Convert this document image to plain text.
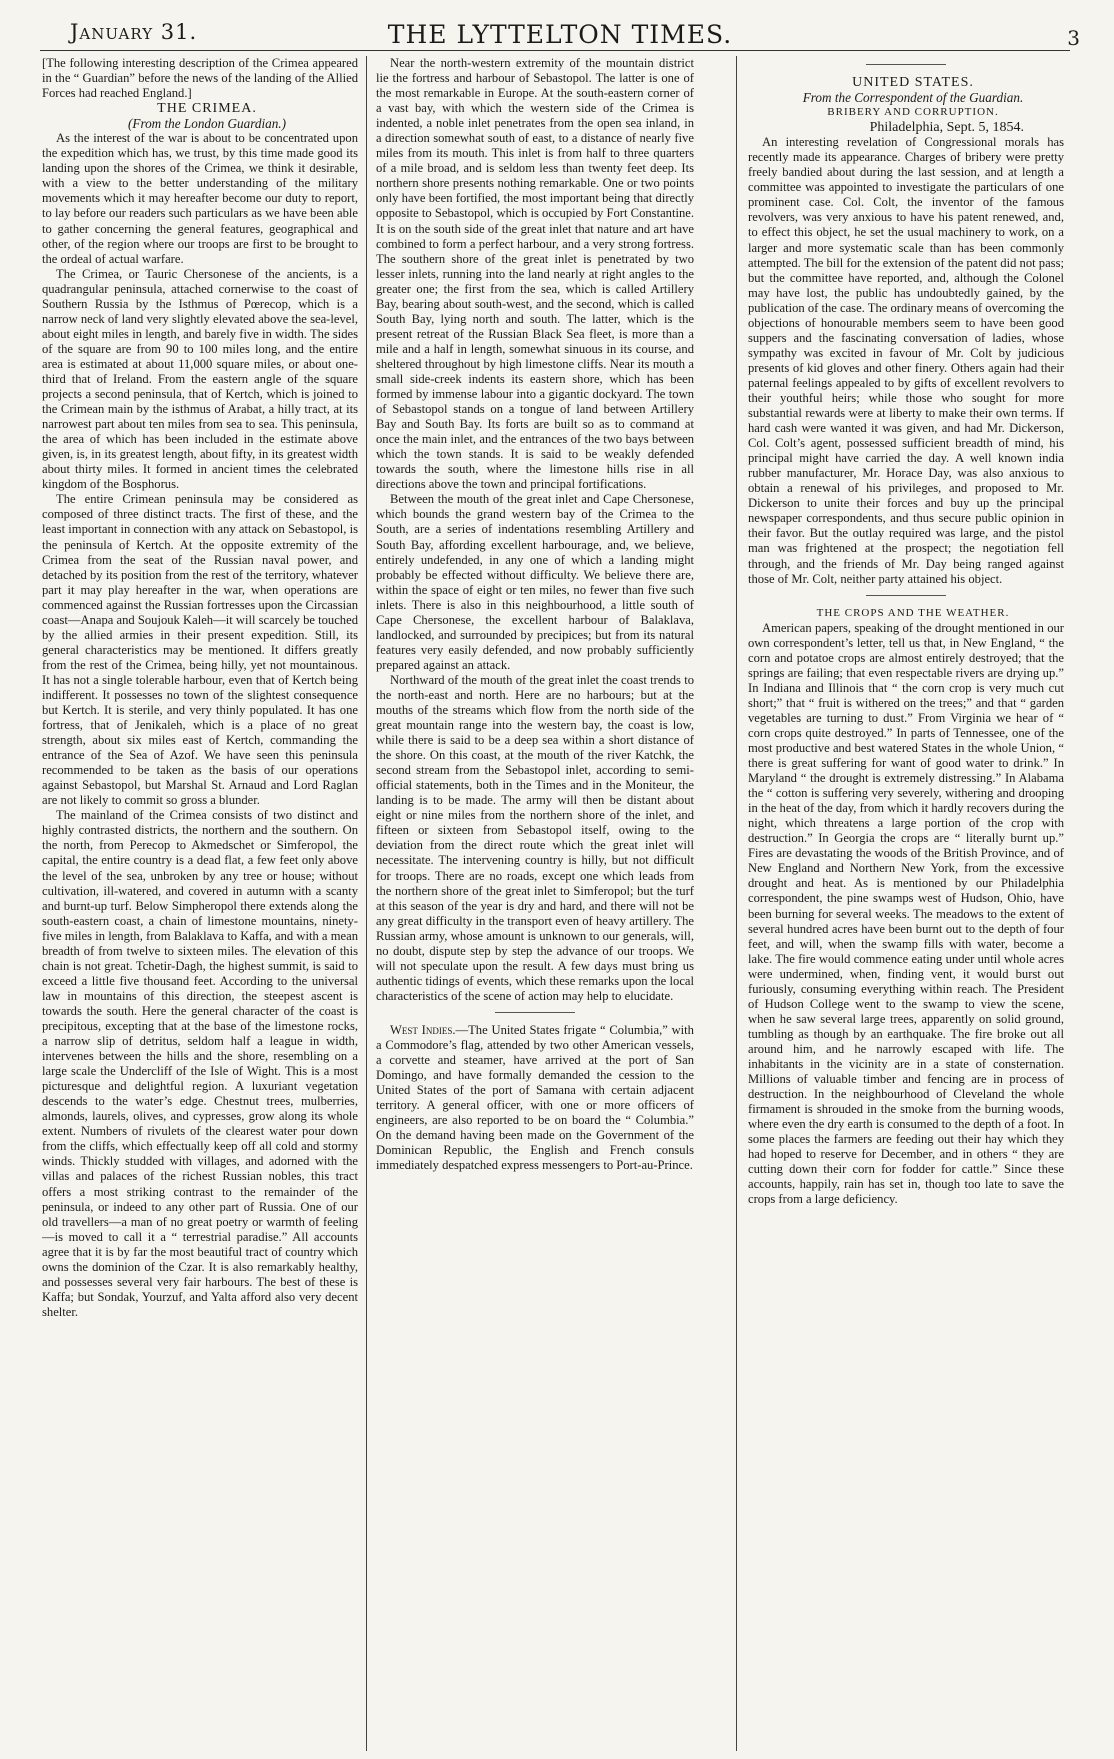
January 31.	THE LYTTELTON TIMES.	3

[The following interesting description of the Crimea appeared in the “ Guardian” before the news of the landing of the Allied Forces had reached England.]

THE CRIMEA.

(From the London Guardian.)

As the interest of the war is about to be concentrated upon the expedition which has, we trust, by this time made good its landing upon the shores of the Crimea, we think it desirable, with a view to the better understanding of the military movements which it may hereafter become our duty to report, to lay before our readers such particulars as we have been able to gather concerning the general features, geographical and other, of the region where our troops are first to be brought to the ordeal of actual warfare.

The Crimea, or Tauric Chersonese of the ancients, is a quadrangular peninsula, attached cornerwise to the coast of Southern Russia by the Isthmus of Pœrecop, which is a narrow neck of land very slightly elevated above the sea-level, about eight miles in length, and barely five in width. The sides of the square are from 90 to 100 miles long, and the entire area is estimated at about 11,000 square miles, or about one-third that of Ireland. From the eastern angle of the square projects a second peninsula, that of Kertch, which is joined to the Crimean main by the isthmus of Arabat, a hilly tract, at its narrowest part about ten miles from sea to sea. This peninsula, the area of which has been included in the estimate above given, is, in its greatest length, about fifty, in its greatest width about thirty miles. It formed in ancient times the celebrated kingdom of the Bosphorus.

The entire Crimean peninsula may be considered as composed of three distinct tracts. The first of these, and the least important in connection with any attack on Sebastopol, is the peninsula of Kertch. At the opposite extremity of the Crimea from the seat of the Russian naval power, and detached by its position from the rest of the territory, whatever part it may play hereafter in the war, when operations are commenced against the Russian fortresses upon the Circassian coast—Anapa and Soujouk Kaleh—it will scarcely be touched by the allied armies in their present expedition. Still, its general characteristics may be mentioned. It differs greatly from the rest of the Crimea, being hilly, yet not mountainous. It has not a single tolerable harbour, even that of Kertch being indifferent. It possesses no town of the slightest consequence but Kertch. It is sterile, and very thinly populated. It has one fortress, that of Jenikaleh, which is a place of no great strength, about six miles east of Kertch, commanding the entrance of the Sea of Azof. We have seen this peninsula recommended to be taken as the basis of our operations against Sebastopol, but Marshal St. Arnaud and Lord Raglan are not likely to commit so gross a blunder.

The mainland of the Crimea consists of two distinct and highly contrasted districts, the northern and the southern. On the north, from Perecop to Akmedschet or Simferopol, the capital, the entire country is a dead flat, a few feet only above the level of the sea, unbroken by any tree or house; without cultivation, ill-watered, and covered in autumn with a scanty and burnt-up turf. Below Simpheropol there extends along the south-eastern coast, a chain of limestone mountains, ninety-five miles in length, from Balaklava to Kaffa, and with a mean breadth of from twelve to sixteen miles. The elevation of this chain is not great. Tchetir-Dagh, the highest summit, is said to exceed a little five thousand feet. According to the universal law in mountains of this direction, the steepest ascent is towards the south. Here the general character of the coast is precipitous, excepting that at the base of the limestone rocks, a narrow slip of detritus, seldom half a league in width, intervenes between the hills and the shore, resembling on a large scale the Undercliff of the Isle of Wight. This is a most picturesque and delightful region. A luxuriant vegetation descends to the water’s edge. Chestnut trees, mulberries, almonds, laurels, olives, and cypresses, grow along its whole extent. Numbers of rivulets of the clearest water pour down from the cliffs, which effectually keep off all cold and stormy winds. Thickly studded with villages, and adorned with the villas and palaces of the richest Russian nobles, this tract offers a most striking contrast to the remainder of the peninsula, or indeed to any other part of Russia. One of our old travellers—a man of no great poetry or warmth of feeling—is moved to call it a “ terrestrial paradise.” All accounts agree that it is by far the most beautiful tract of country which owns the dominion of the Czar. It is also remarkably healthy, and possesses several very fair harbours. The best of these is Kaffa; but Sondak, Yourzuf, and Yalta afford also very decent shelter.

Near the north-western extremity of the mountain district lie the fortress and harbour of Sebastopol. The latter is one of the most remarkable in Europe. At the south-eastern corner of a vast bay, with which the western side of the Crimea is indented, a noble inlet penetrates from the open sea inland, in a direction somewhat south of east, to a distance of nearly five miles from its mouth. This inlet is from half to three quarters of a mile broad, and is seldom less than twenty feet deep. Its northern shore presents nothing remarkable. One or two points only have been fortified, the most important being that directly opposite to Sebastopol, which is occupied by Fort Constantine. It is on the south side of the great inlet that nature and art have combined to form a perfect harbour, and a very strong fortress. The southern shore of the great inlet is penetrated by two lesser inlets, running into the land nearly at right angles to the greater one; the first from the sea, which is called Artillery Bay, bearing about south-west, and the second, which is called South Bay, lying north and south. The latter, which is the present retreat of the Russian Black Sea fleet, is more than a mile and a half in length, somewhat sinuous in its course, and sheltered throughout by high limestone cliffs. Near its mouth a small side-creek indents its eastern shore, which has been formed by immense labour into a gigantic dockyard. The town of Sebastopol stands on a tongue of land between Artillery Bay and South Bay. Its forts are built so as to command at once the main inlet, and the entrances of the two bays between which the town stands. It is said to be weakly defended towards the south, where the limestone hills rise in all directions above the town and principal fortifications.

Between the mouth of the great inlet and Cape Chersonese, which bounds the grand western bay of the Crimea to the South, are a series of indentations resembling Artillery and South Bay, affording excellent harbourage, and, we believe, entirely undefended, in any one of which a landing might probably be effected without difficulty. We believe there are, within the space of eight or ten miles, no fewer than five such inlets. There is also in this neighbourhood, a little south of Cape Chersonese, the excellent harbour of Balaklava, landlocked, and surrounded by precipices; but from its natural features very easily defended, and now probably sufficiently prepared against an attack.

Northward of the mouth of the great inlet the coast trends to the north-east and north. Here are no harbours; but at the mouths of the streams which flow from the north side of the great mountain range into the western bay, the coast is low, while there is said to be a deep sea within a short distance of the shore. On this coast, at the mouth of the river Katchk, the second stream from the Sebastopol inlet, according to semi-official statements, both in the Times and in the Moniteur, the landing is to be made. The army will then be distant about eight or nine miles from the northern shore of the inlet, and fifteen or sixteen from Sebastopol itself, owing to the deviation from the direct route which the great inlet will necessitate. The intervening country is hilly, but not difficult for troops. There are no roads, except one which leads from the northern shore of the great inlet to Simferopol; but the turf at this season of the year is dry and hard, and there will not be any great difficulty in the transport even of heavy artillery. The Russian army, whose amount is unknown to our generals, will, no doubt, dispute step by step the advance of our troops. We will not speculate upon the result. A few days must bring us authentic tidings of events, which these remarks upon the local characteristics of the scene of action may help to elucidate.

West Indies.—The United States frigate “ Columbia,” with a Commodore’s flag, attended by two other American vessels, a corvette and steamer, have arrived at the port of San Domingo, and have formally demanded the cession to the United States of the port of Samana with certain adjacent territory. A general officer, with one or more officers of engineers, are also reported to be on board the “ Columbia.” On the demand having been made on the Government of the Dominican Republic, the English and French consuls immediately despatched express messengers to Port-au-Prince.

UNITED STATES.

From the Correspondent of the Guardian.

BRIBERY AND CORRUPTION.

Philadelphia, Sept. 5, 1854.

An interesting revelation of Congressional morals has recently made its appearance. Charges of bribery were pretty freely bandied about during the last session, and at length a committee was appointed to investigate the particulars of one prominent case. Col. Colt, the inventor of the famous revolvers, was very anxious to have his patent renewed, and, to effect this object, he set the usual machinery to work, on a larger and more systematic scale than has been commonly attempted. The bill for the extension of the patent did not pass; but the committee have reported, and, although the Colonel may have lost, the public has undoubtedly gained, by the publication of the case. The ordinary means of overcoming the objections of honourable members seem to have been good suppers and the fascinating conversation of ladies, whose sympathy was excited in favour of Mr. Colt by judicious presents of kid gloves and other finery. Others again had their paternal feelings appealed to by gifts of excellent revolvers to their youthful heirs; while those who sought for more substantial rewards were at liberty to make their own terms. If hard cash were wanted it was given, and had Mr. Dickerson, Col. Colt’s agent, possessed sufficient breadth of mind, his principal might have carried the day. A well known india rubber manufacturer, Mr. Horace Day, was also anxious to obtain a renewal of his privileges, and proposed to Mr. Dickerson to unite their forces and buy up the principal newspaper correspondents, and thus secure public opinion in their favor. But the outlay required was large, and the pistol man was frightened at the prospect; the negotiation fell through, and the friends of Mr. Day being ranged against those of Mr. Colt, neither party attained his object.

THE CROPS AND THE WEATHER.

American papers, speaking of the drought mentioned in our own correspondent’s letter, tell us that, in New England, “ the corn and potatoe crops are almost entirely destroyed; that the springs are failing; that even respectable rivers are drying up.” In Indiana and Illinois that “ the corn crop is very much cut short;” that “ fruit is withered on the trees;” and that “ garden vegetables are turning to dust.” From Virginia we hear of “ corn crops quite destroyed.” In parts of Tennessee, one of the most productive and best watered States in the whole Union, “ there is great suffering for want of good water to drink.” In Maryland “ the drought is extremely distressing.” In Alabama the “ cotton is suffering very severely, withering and drooping in the heat of the day, from which it hardly recovers during the night, which threatens a large portion of the crop with destruction.” In Georgia the crops are “ literally burnt up.” Fires are devastating the woods of the British Province, and of New England and Northern New York, from the excessive drought and heat. As is mentioned by our Philadelphia correspondent, the pine swamps west of Hudson, Ohio, have been burning for several weeks. The meadows to the extent of several hundred acres have been burnt out to the depth of four feet, and will, when the swamp fills with water, become a lake. The fire would commence eating under until whole acres were undermined, when, finding vent, it would burst out furiously, consuming everything within reach. The President of Hudson College went to the swamp to view the scene, when he saw several large trees, apparently on solid ground, tumbling as though by an earthquake. The fire broke out all around him, and he narrowly escaped with life. The inhabitants in the vicinity are in a state of consternation. Millions of valuable timber and fencing are in process of destruction. In the neighbourhood of Cleveland the whole firmament is shrouded in the smoke from the burning woods, where even the dry earth is consumed to the depth of a foot. In some places the farmers are feeding out their hay which they had hoped to reserve for December, and in others “ they are cutting down their corn for fodder for cattle.” Since these accounts, happily, rain has set in, though too late to save the crops from a large deficiency.
